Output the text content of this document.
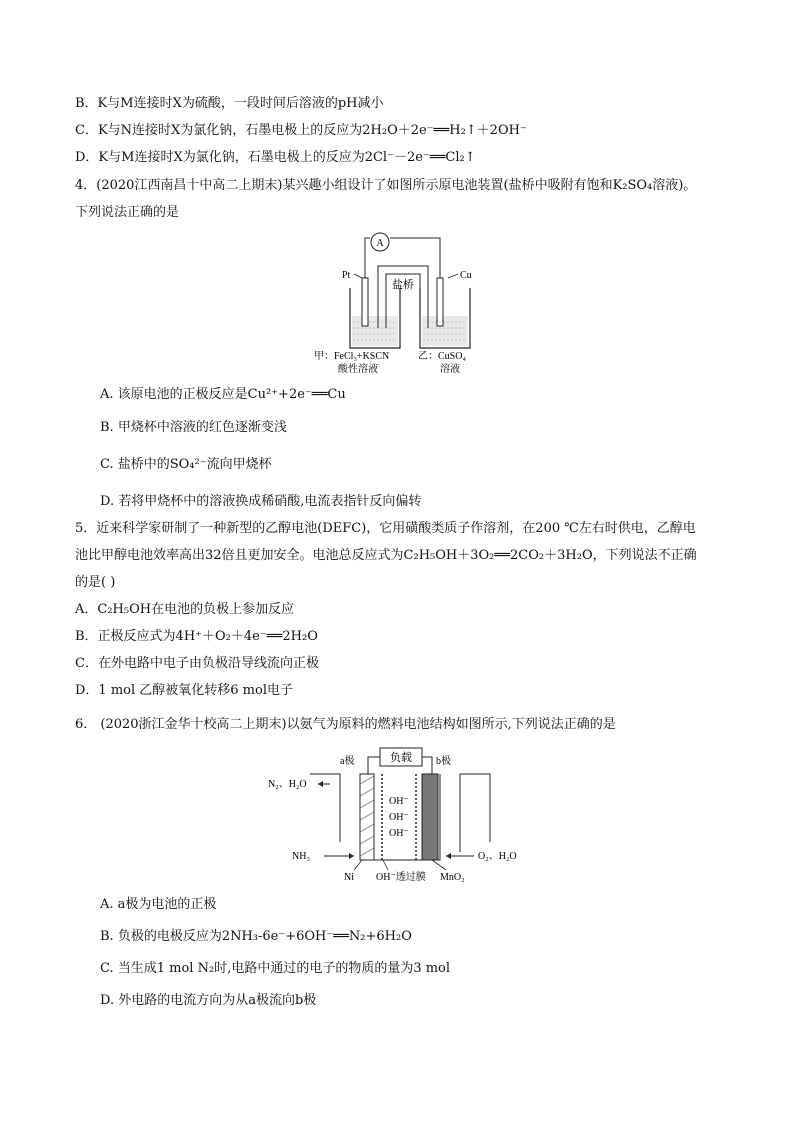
B．K与M连接时X为硫酸，一段时间后溶液的pH减小
C．K与N连接时X为氯化钠，石墨电极上的反应为2H₂O＋2e⁻══H₂↑＋2OH⁻
D．K与M连接时X为氯化钠，石墨电极上的反应为2Cl⁻－2e⁻══Cl₂↑
4．(2020江西南昌十中高二上期末)某兴趣小组设计了如图所示原电池装置(盐桥中吸附有饱和K₂SO₄溶液)。
下列说法正确的是
A
Pt	Cu
盐桥
甲：FeCl₃+KSCN
酸性溶液
乙：CuSO₄
溶液
A. 该原电池的正极反应是Cu²⁺+2e⁻══Cu
B. 甲烧杯中溶液的红色逐渐变浅
C. 盐桥中的SO₄²⁻流向甲烧杯
D. 若将甲烧杯中的溶液换成稀硝酸,电流表指针反向偏转
5．近来科学家研制了一种新型的乙醇电池(DEFC)，它用磺酸类质子作溶剂，在200 ℃左右时供电，乙醇电
池比甲醇电池效率高出32倍且更加安全。电池总反应式为C₂H₅OH＋3O₂══2CO₂＋3H₂O，下列说法不正确
的是( )
A．C₂H₅OH在电池的负极上参加反应
B．正极反应式为4H⁺＋O₂＋4e⁻══2H₂O
C．在外电路中电子由负极沿导线流向正极
D．1 mol 乙醇被氧化转移6 mol电子
6． (2020浙江金华十校高二上期末)以氨气为原料的燃料电池结构如图所示,下列说法正确的是
负载
a极	b极
OH⁻
OH⁻
OH⁻
N₂、H₂O
NH₃	O₂、H₂O
Ni OH⁻透过膜 MnO₂
A. a极为电池的正极
B. 负极的电极反应为2NH₃-6e⁻+6OH⁻══N₂+6H₂O
C. 当生成1 mol N₂时,电路中通过的电子的物质的量为3 mol
D. 外电路的电流方向为从a极流向b极
